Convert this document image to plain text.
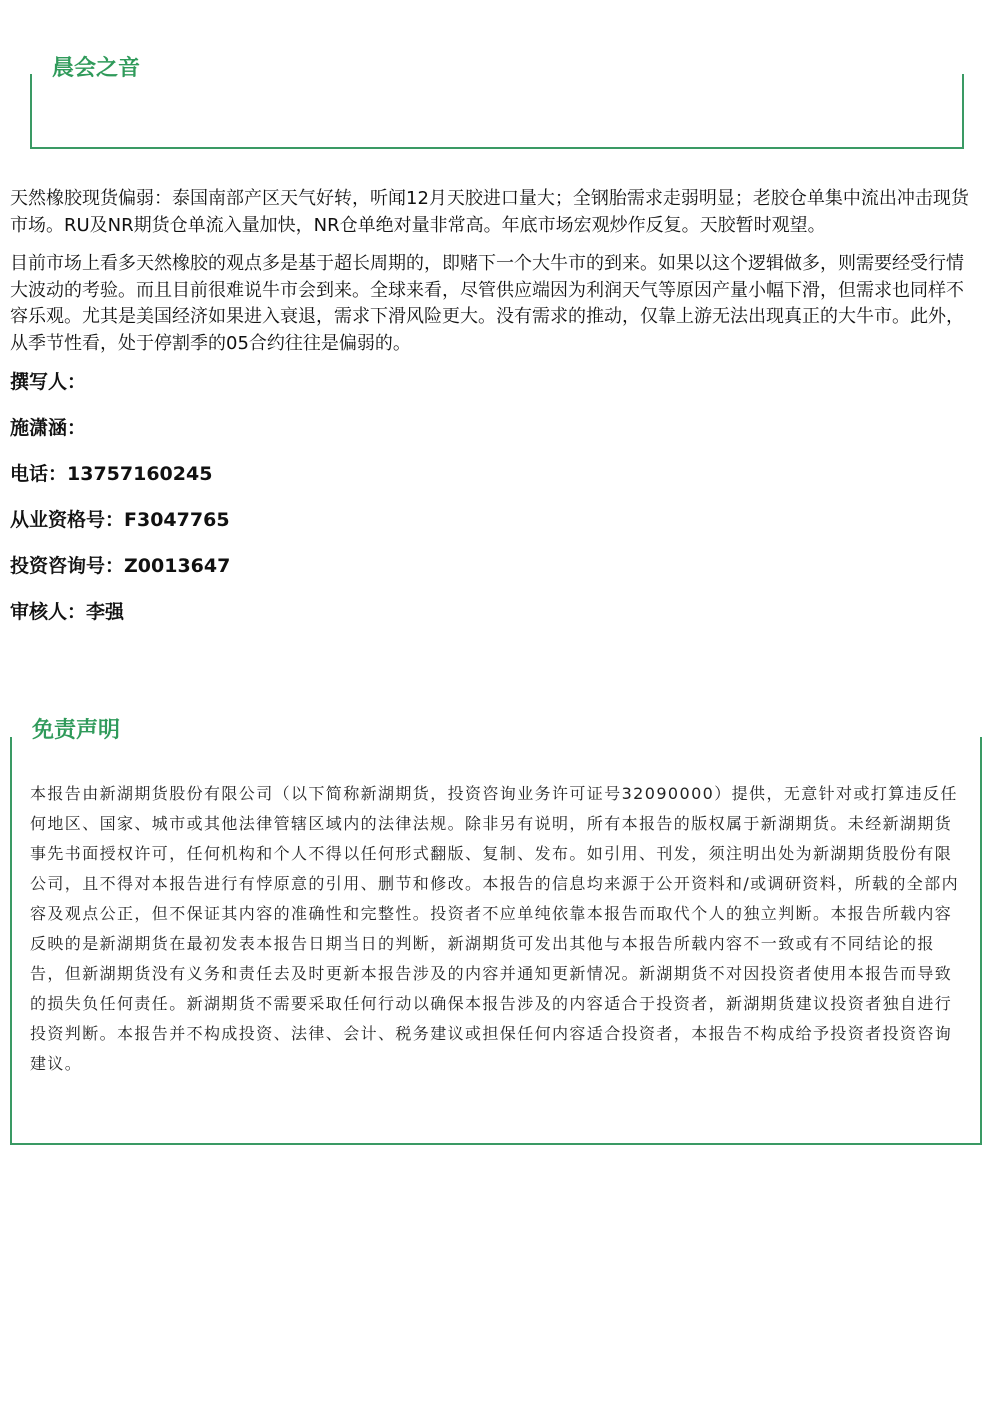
晨会之音

天然橡胶现货偏弱：泰国南部产区天气好转，听闻12月天胶进口量大；全钢胎需求走弱明显；老胶仓单集中流出冲击现货市场。RU及NR期货仓单流入量加快，NR仓单绝对量非常高。年底市场宏观炒作反复。天胶暂时观望。

目前市场上看多天然橡胶的观点多是基于超长周期的，即赌下一个大牛市的到来。如果以这个逻辑做多，则需要经受行情大波动的考验。而且目前很难说牛市会到来。全球来看，尽管供应端因为利润天气等原因产量小幅下滑，但需求也同样不容乐观。尤其是美国经济如果进入衰退，需求下滑风险更大。没有需求的推动，仅靠上游无法出现真正的大牛市。此外，从季节性看，处于停割季的05合约往往是偏弱的。

撰写人：
施潇涵：
电话：13757160245
从业资格号：F3047765
投资咨询号：Z0013647
审核人：李强

本报告由新湖期货股份有限公司（以下简称新湖期货，投资咨询业务许可证号32090000）提供，无意针对或打算违反任何地区、国家、城市或其他法律管辖区域内的法律法规。除非另有说明，所有本报告的版权属于新湖期货。未经新湖期货事先书面授权许可，任何机构和个人不得以任何形式翻版、复制、发布。如引用、刊发，须注明出处为新湖期货股份有限公司，且不得对本报告进行有悖原意的引用、删节和修改。本报告的信息均来源于公开资料和/或调研资料，所载的全部内容及观点公正，但不保证其内容的准确性和完整性。投资者不应单纯依靠本报告而取代个人的独立判断。本报告所载内容反映的是新湖期货在最初发表本报告日期当日的判断，新湖期货可发出其他与本报告所载内容不一致或有不同结论的报告，但新湖期货没有义务和责任去及时更新本报告涉及的内容并通知更新情况。新湖期货不对因投资者使用本报告而导致的损失负任何责任。新湖期货不需要采取任何行动以确保本报告涉及的内容适合于投资者，新湖期货建议投资者独自进行投资判断。本报告并不构成投资、法律、会计、税务建议或担保任何内容适合投资者，本报告不构成给予投资者投资咨询建议。

免责声明
